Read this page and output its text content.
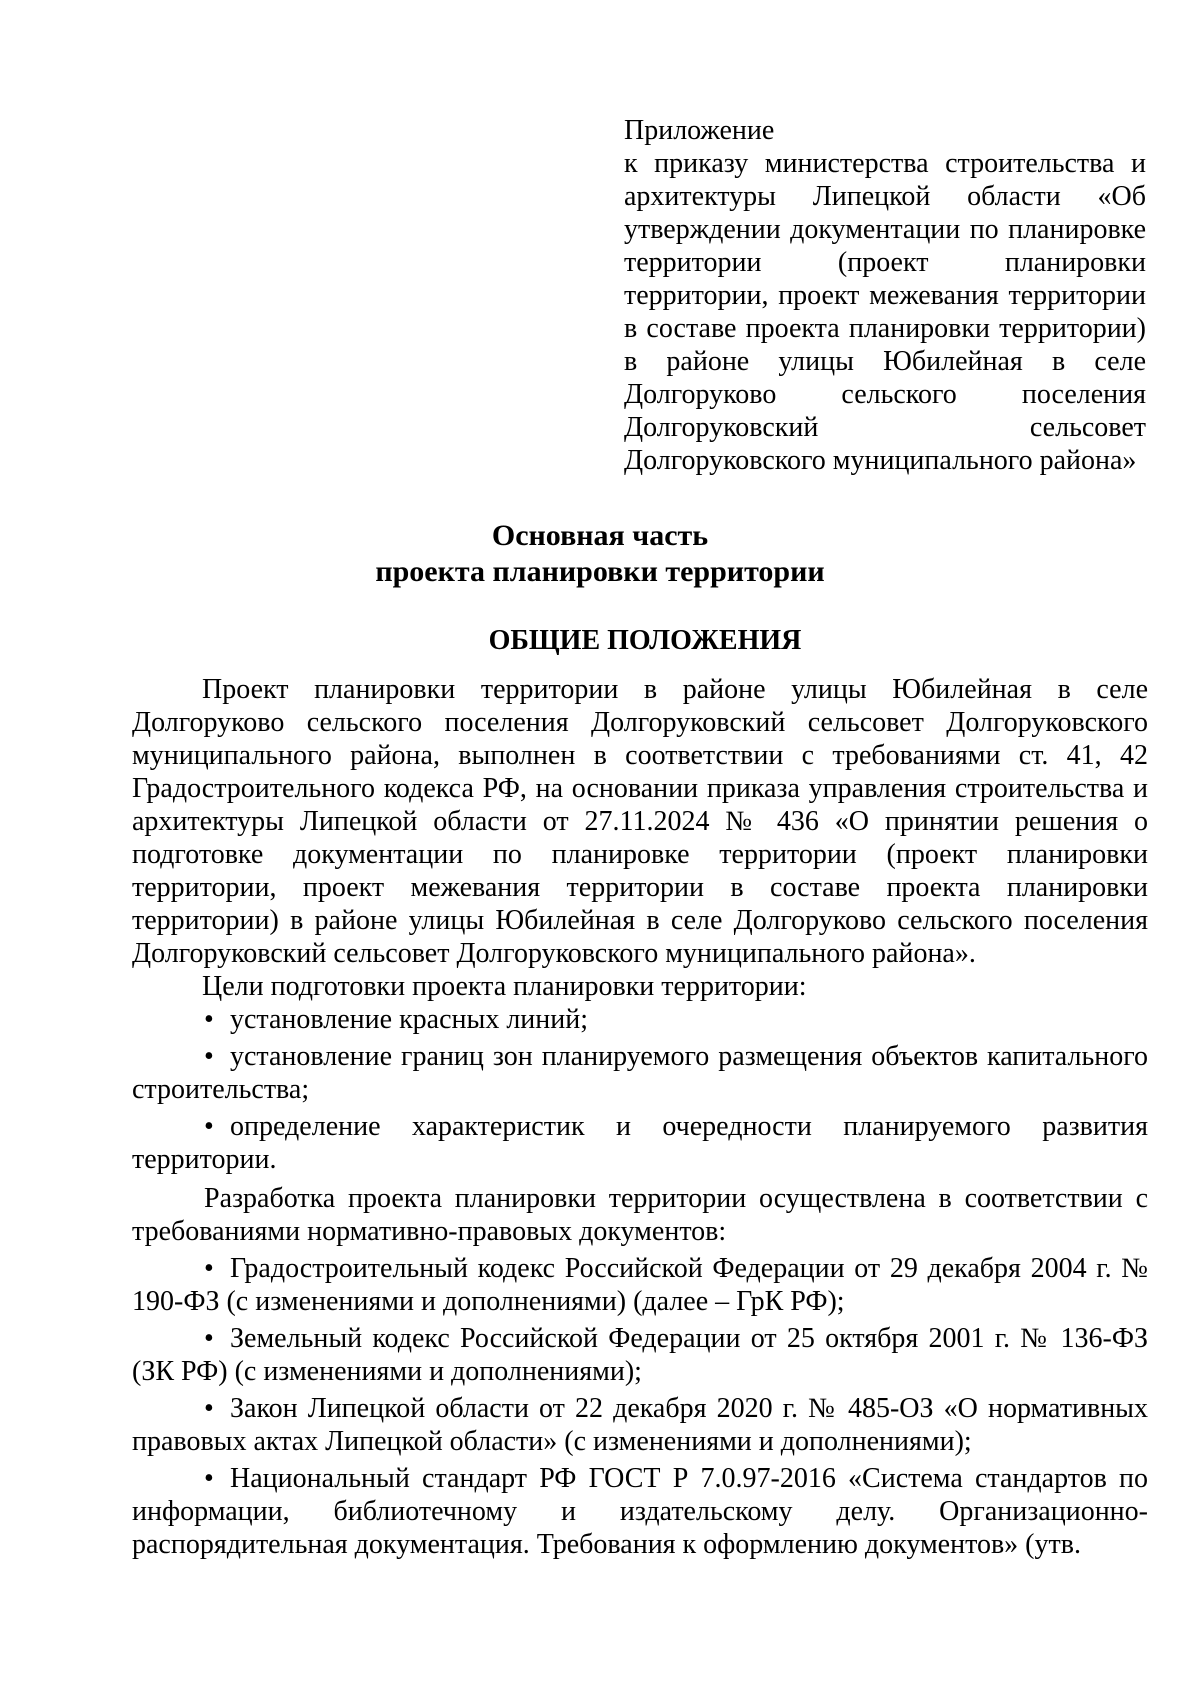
Приложение
к приказу министерства строительства и архитектуры Липецкой области «Об утверждении документации по планировке территории (проект планировки территории, проект межевания территории в составе проекта планировки территории) в районе улицы Юбилейная в селе Долгоруково сельского поселения Долгоруковский сельсовет Долгоруковского муниципального района»
Основная часть
проекта планировки территории
ОБЩИЕ ПОЛОЖЕНИЯ

Проект планировки территории в районе улицы Юбилейная в селе Долгоруково сельского поселения Долгоруковский сельсовет Долгоруковского муниципального района, выполнен в соответствии с требованиями ст. 41, 42 Градостроительного кодекса РФ, на основании приказа управления строительства и архитектуры Липецкой области от 27.11.2024 № 436 «О принятии решения о подготовке документации по планировке территории (проект планировки территории, проект межевания территории в составе проекта планировки территории) в районе улицы Юбилейная в селе Долгоруково сельского поселения Долгоруковский сельсовет Долгоруковского муниципального района».

Цели подготовки проекта планировки территории:

• установление красных линий;

• установление границ зон планируемого размещения объектов капитального строительства;

• определение характеристик и очередности планируемого развития территории.

Разработка проекта планировки территории осуществлена в соответствии с требованиями нормативно-правовых документов:

• Градостроительный кодекс Российской Федерации от 29 декабря 2004 г. № 190-ФЗ (с изменениями и дополнениями) (далее – ГрК РФ);

• Земельный кодекс Российской Федерации от 25 октября 2001 г. № 136-ФЗ (ЗК РФ) (с изменениями и дополнениями);

• Закон Липецкой области от 22 декабря 2020 г. № 485-ОЗ «О нормативных правовых актах Липецкой области» (с изменениями и дополнениями);

• Национальный стандарт РФ ГОСТ Р 7.0.97-2016 «Система стандартов по информации, библиотечному и издательскому делу. Организационно-распорядительная документация. Требования к оформлению документов» (утв.
